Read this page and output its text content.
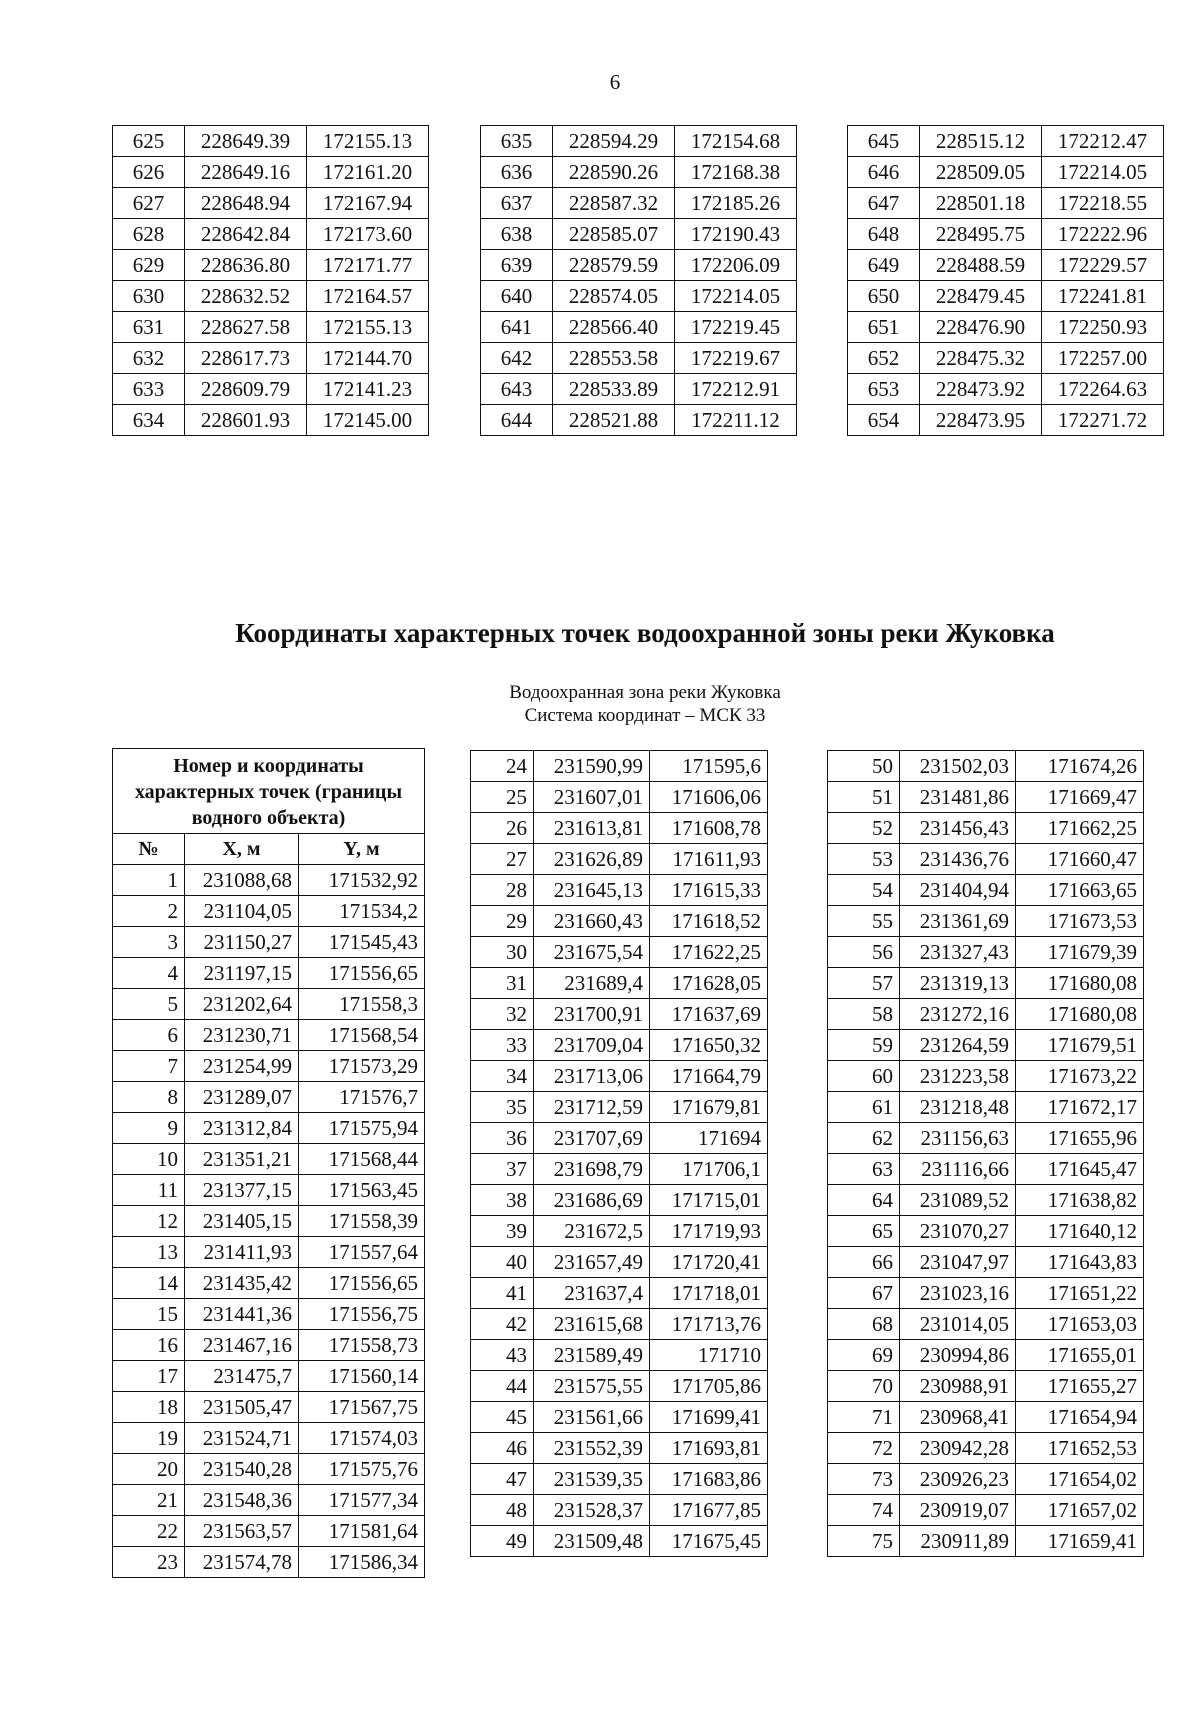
6
625	228649.39	172155.13
626	228649.16	172161.20
627	228648.94	172167.94
628	228642.84	172173.60
629	228636.80	172171.77
630	228632.52	172164.57
631	228627.58	172155.13
632	228617.73	172144.70
633	228609.79	172141.23
634	228601.93	172145.00
635	228594.29	172154.68
636	228590.26	172168.38
637	228587.32	172185.26
638	228585.07	172190.43
639	228579.59	172206.09
640	228574.05	172214.05
641	228566.40	172219.45
642	228553.58	172219.67
643	228533.89	172212.91
644	228521.88	172211.12
645	228515.12	172212.47
646	228509.05	172214.05
647	228501.18	172218.55
648	228495.75	172222.96
649	228488.59	172229.57
650	228479.45	172241.81
651	228476.90	172250.93
652	228475.32	172257.00
653	228473.92	172264.63
654	228473.95	172271.72
Координаты характерных точек водоохранной зоны реки Жуковка
Водоохранная зона реки Жуковка
Система координат – МСК 33
Номер и координаты характерных точек (границы водного объекта)		
№	X, м	Y, м
1	231088,68	171532,92
2	231104,05	171534,2
3	231150,27	171545,43
4	231197,15	171556,65
5	231202,64	171558,3
6	231230,71	171568,54
7	231254,99	171573,29
8	231289,07	171576,7
9	231312,84	171575,94
10	231351,21	171568,44
11	231377,15	171563,45
12	231405,15	171558,39
13	231411,93	171557,64
14	231435,42	171556,65
15	231441,36	171556,75
16	231467,16	171558,73
17	231475,7	171560,14
18	231505,47	171567,75
19	231524,71	171574,03
20	231540,28	171575,76
21	231548,36	171577,34
22	231563,57	171581,64
23	231574,78	171586,34
24	231590,99	171595,6
25	231607,01	171606,06
26	231613,81	171608,78
27	231626,89	171611,93
28	231645,13	171615,33
29	231660,43	171618,52
30	231675,54	171622,25
31	231689,4	171628,05
32	231700,91	171637,69
33	231709,04	171650,32
34	231713,06	171664,79
35	231712,59	171679,81
36	231707,69	171694
37	231698,79	171706,1
38	231686,69	171715,01
39	231672,5	171719,93
40	231657,49	171720,41
41	231637,4	171718,01
42	231615,68	171713,76
43	231589,49	171710
44	231575,55	171705,86
45	231561,66	171699,41
46	231552,39	171693,81
47	231539,35	171683,86
48	231528,37	171677,85
49	231509,48	171675,45
50	231502,03	171674,26
51	231481,86	171669,47
52	231456,43	171662,25
53	231436,76	171660,47
54	231404,94	171663,65
55	231361,69	171673,53
56	231327,43	171679,39
57	231319,13	171680,08
58	231272,16	171680,08
59	231264,59	171679,51
60	231223,58	171673,22
61	231218,48	171672,17
62	231156,63	171655,96
63	231116,66	171645,47
64	231089,52	171638,82
65	231070,27	171640,12
66	231047,97	171643,83
67	231023,16	171651,22
68	231014,05	171653,03
69	230994,86	171655,01
70	230988,91	171655,27
71	230968,41	171654,94
72	230942,28	171652,53
73	230926,23	171654,02
74	230919,07	171657,02
75	230911,89	171659,41
